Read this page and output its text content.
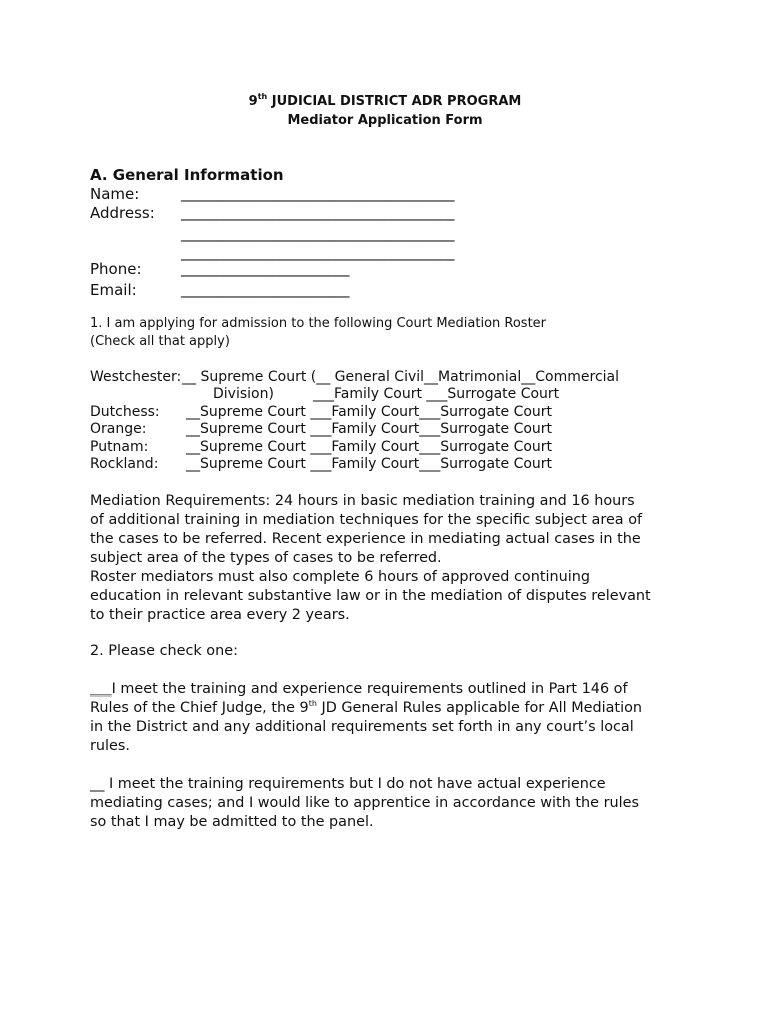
9th JUDICIAL DISTRICT ADR PROGRAM
Mediator Application Form
A. General Information
Name:	_______________________________________
Address: _______________________________________
_______________________________________
_______________________________________
Phone:	________________________
Email:	________________________
1. I am applying for admission to the following Court Mediation Roster
(Check all that apply)
Westchester: __ Supreme Court (__ General Civil__Matrimonial__Commercial
Division)	___Family Court ___Surrogate Court
Dutchess: __Supreme Court ___Family Court___Surrogate Court
Orange:	__Supreme Court ___Family Court___Surrogate Court
Putnam:	__Supreme Court ___Family Court___Surrogate Court
Rockland: __Supreme Court ___Family Court___Surrogate Court
Mediation Requirements: 24 hours in basic mediation training and 16 hours
of additional training in mediation techniques for the specific subject area of
the cases to be referred. Recent experience in mediating actual cases in the
subject area of the types of cases to be referred.
Roster mediators must also complete 6 hours of approved continuing
education in relevant substantive law or in the mediation of disputes relevant
to their practice area every 2 years.
2. Please check one:
___I meet the training and experience requirements outlined in Part 146 of
Rules of the Chief Judge, the 9th JD General Rules applicable for All Mediation
in the District and any additional requirements set forth in any court’s local
rules.
__ I meet the training requirements but I do not have actual experience
mediating cases; and I would like to apprentice in accordance with the rules
so that I may be admitted to the panel.
